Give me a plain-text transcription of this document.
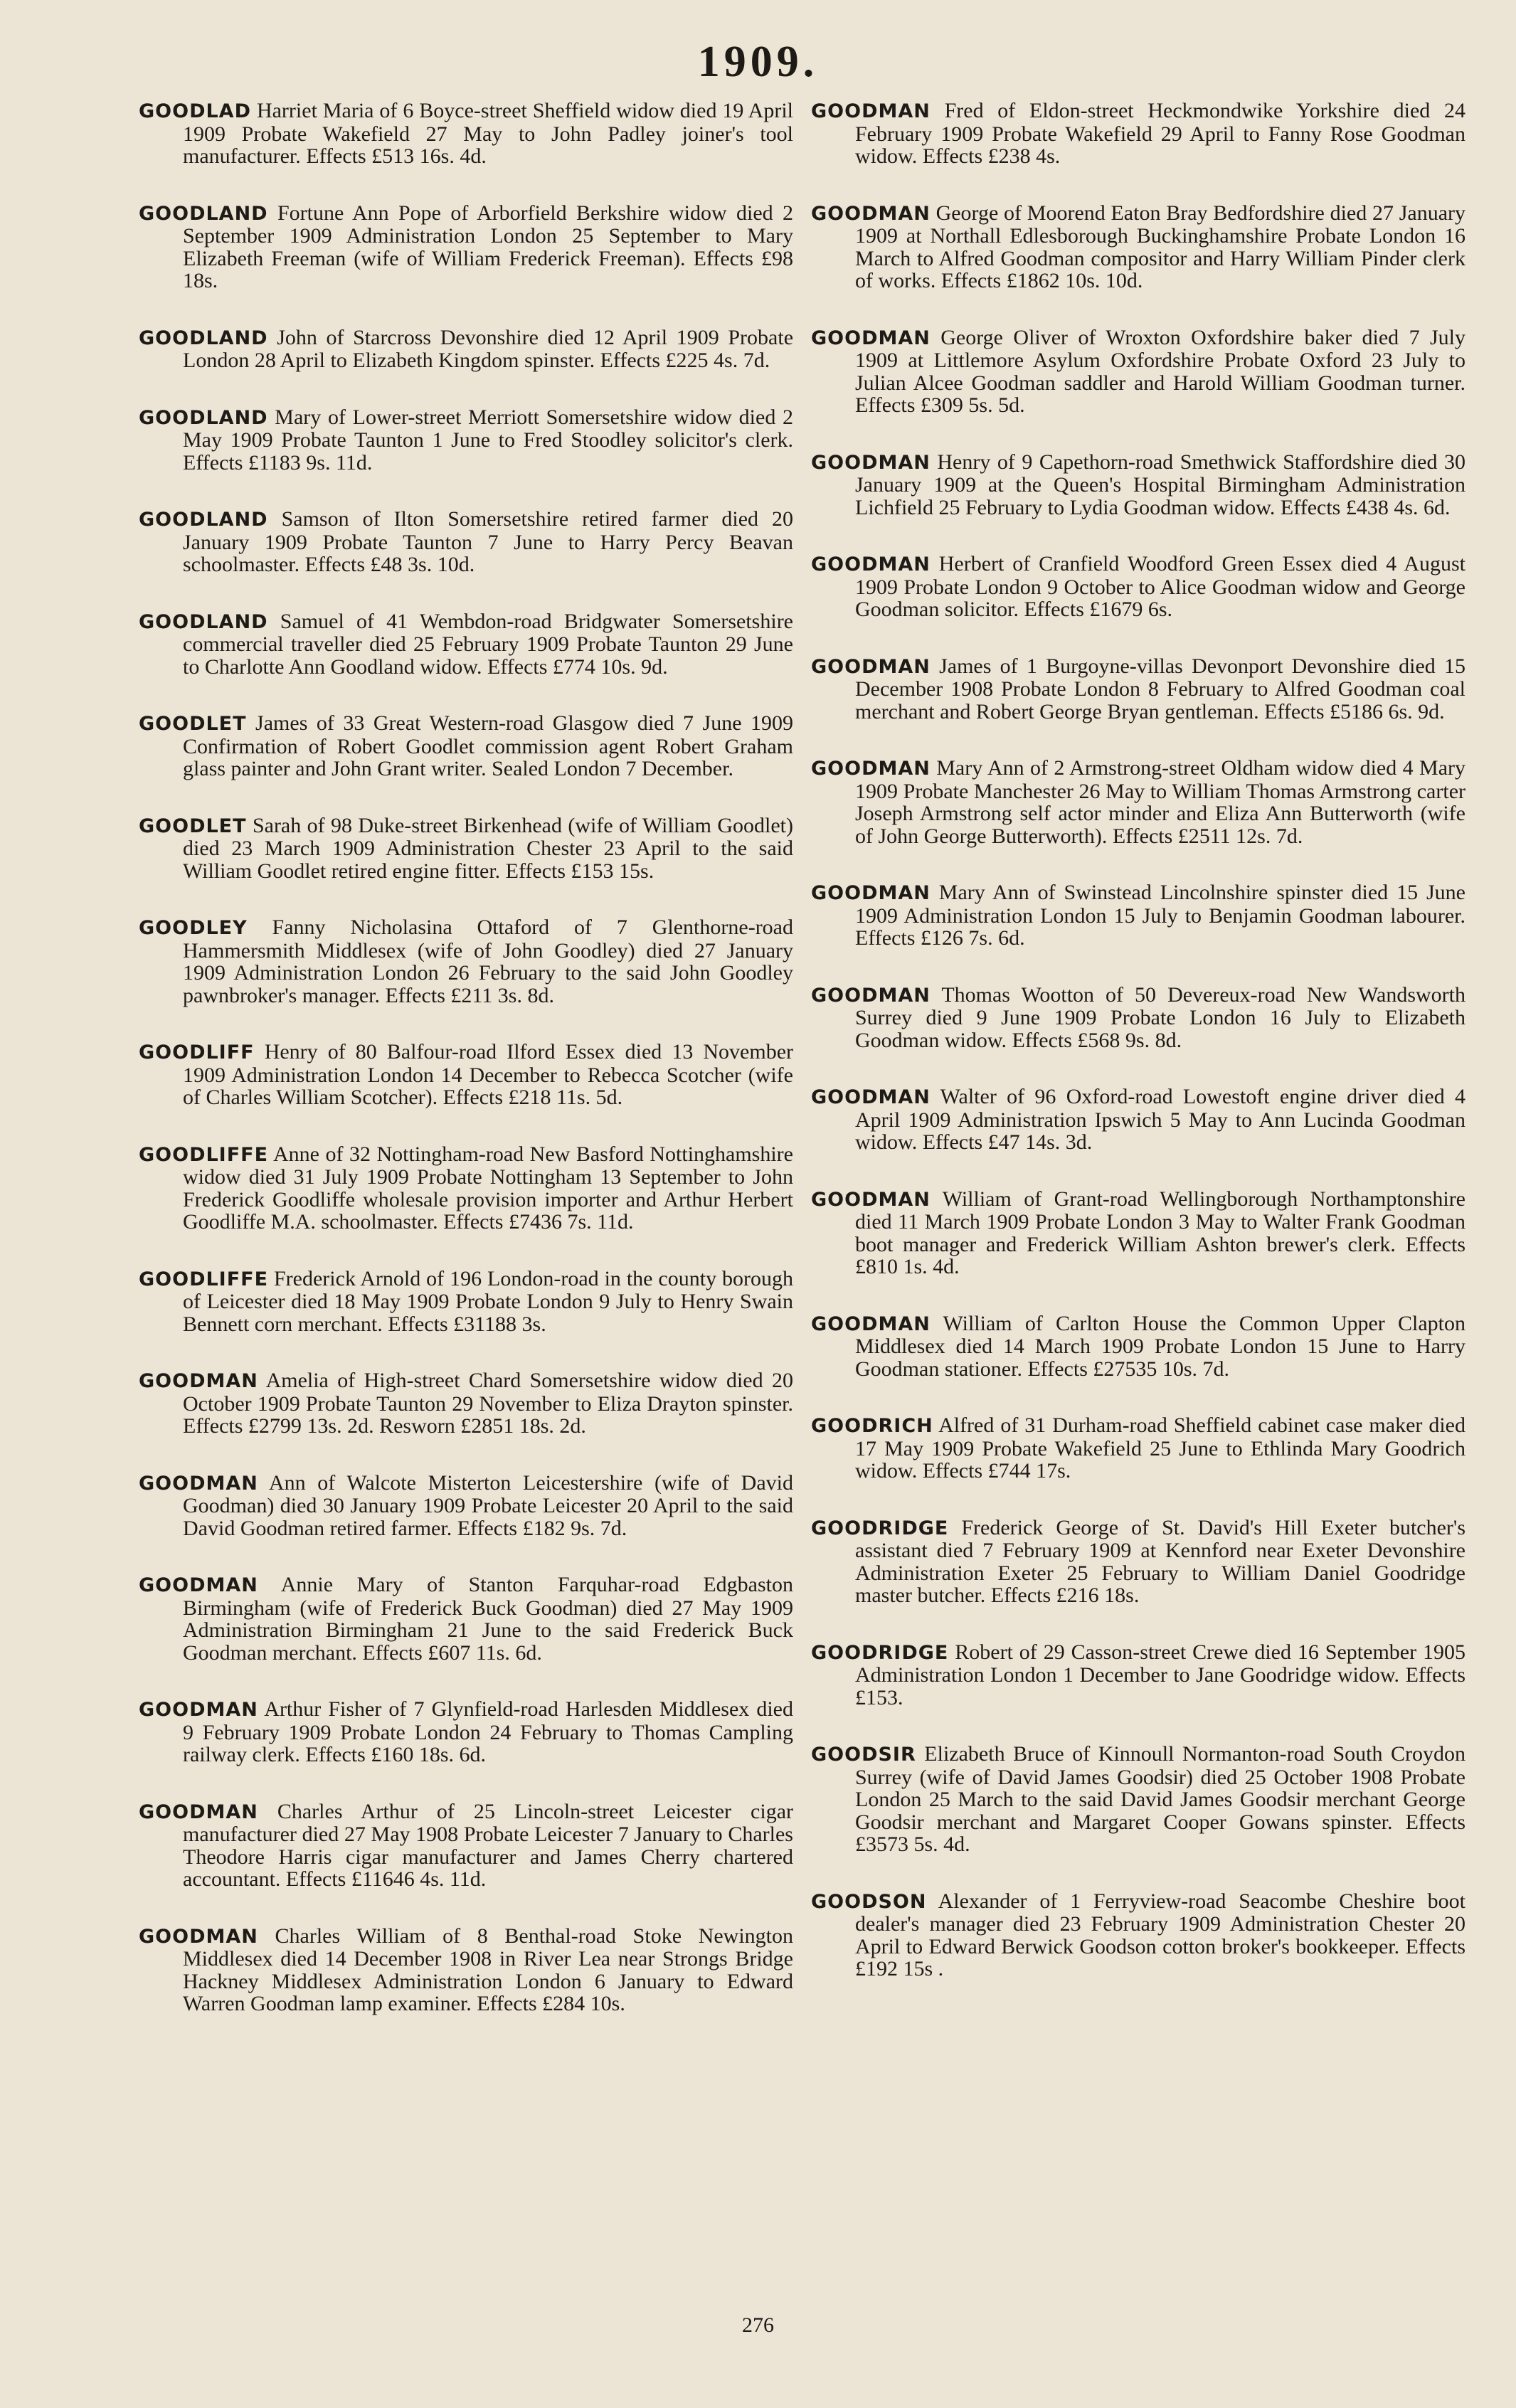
1909.

GOODLAD Harriet Maria of 6 Boyce-street Sheffield widow died 19 April 1909 Probate Wakefield 27 May to John Padley joiner's tool manufacturer. Effects £513 16s. 4d.

GOODLAND Fortune Ann Pope of Arborfield Berkshire widow died 2 September 1909 Administration London 25 September to Mary Elizabeth Freeman (wife of William Frederick Freeman). Effects £98 18s.

GOODLAND John of Starcross Devonshire died 12 April 1909 Probate London 28 April to Elizabeth Kingdom spinster. Effects £225 4s. 7d.

GOODLAND Mary of Lower-street Merriott Somersetshire widow died 2 May 1909 Probate Taunton 1 June to Fred Stoodley solicitor's clerk. Effects £1183 9s. 11d.

GOODLAND Samson of Ilton Somersetshire retired farmer died 20 January 1909 Probate Taunton 7 June to Harry Percy Beavan schoolmaster. Effects £48 3s. 10d.

GOODLAND Samuel of 41 Wembdon-road Bridgwater Somersetshire commercial traveller died 25 February 1909 Probate Taunton 29 June to Charlotte Ann Goodland widow. Effects £774 10s. 9d.

GOODLET James of 33 Great Western-road Glasgow died 7 June 1909 Confirmation of Robert Goodlet commission agent Robert Graham glass painter and John Grant writer. Sealed London 7 December.

GOODLET Sarah of 98 Duke-street Birkenhead (wife of William Goodlet) died 23 March 1909 Administration Chester 23 April to the said William Goodlet retired engine fitter. Effects £153 15s.

GOODLEY Fanny Nicholasina Ottaford of 7 Glenthorne-road Hammersmith Middlesex (wife of John Goodley) died 27 January 1909 Administration London 26 February to the said John Goodley pawnbroker's manager. Effects £211 3s. 8d.

GOODLIFF Henry of 80 Balfour-road Ilford Essex died 13 November 1909 Administration London 14 December to Rebecca Scotcher (wife of Charles William Scotcher). Effects £218 11s. 5d.

GOODLIFFE Anne of 32 Nottingham-road New Basford Nottinghamshire widow died 31 July 1909 Probate Nottingham 13 September to John Frederick Goodliffe wholesale provision importer and Arthur Herbert Goodliffe M.A. schoolmaster. Effects £7436 7s. 11d.

GOODLIFFE Frederick Arnold of 196 London-road in the county borough of Leicester died 18 May 1909 Probate London 9 July to Henry Swain Bennett corn merchant. Effects £31188 3s.

GOODMAN Amelia of High-street Chard Somersetshire widow died 20 October 1909 Probate Taunton 29 November to Eliza Drayton spinster. Effects £2799 13s. 2d. Resworn £2851 18s. 2d.

GOODMAN Ann of Walcote Misterton Leicestershire (wife of David Goodman) died 30 January 1909 Probate Leicester 20 April to the said David Goodman retired farmer. Effects £182 9s. 7d.

GOODMAN Annie Mary of Stanton Farquhar-road Edgbaston Birmingham (wife of Frederick Buck Goodman) died 27 May 1909 Administration Birmingham 21 June to the said Frederick Buck Goodman merchant. Effects £607 11s. 6d.

GOODMAN Arthur Fisher of 7 Glynfield-road Harlesden Middlesex died 9 February 1909 Probate London 24 February to Thomas Campling railway clerk. Effects £160 18s. 6d.

GOODMAN Charles Arthur of 25 Lincoln-street Leicester cigar manufacturer died 27 May 1908 Probate Leicester 7 January to Charles Theodore Harris cigar manufacturer and James Cherry chartered accountant. Effects £11646 4s. 11d.

GOODMAN Charles William of 8 Benthal-road Stoke Newington Middlesex died 14 December 1908 in River Lea near Strongs Bridge Hackney Middlesex Administration London 6 January to Edward Warren Goodman lamp examiner. Effects £284 10s.

GOODMAN Fred of Eldon-street Heckmondwike Yorkshire died 24 February 1909 Probate Wakefield 29 April to Fanny Rose Goodman widow. Effects £238 4s.

GOODMAN George of Moorend Eaton Bray Bedfordshire died 27 January 1909 at Northall Edlesborough Buckinghamshire Probate London 16 March to Alfred Goodman compositor and Harry William Pinder clerk of works. Effects £1862 10s. 10d.

GOODMAN George Oliver of Wroxton Oxfordshire baker died 7 July 1909 at Littlemore Asylum Oxfordshire Probate Oxford 23 July to Julian Alcee Goodman saddler and Harold William Goodman turner. Effects £309 5s. 5d.

GOODMAN Henry of 9 Capethorn-road Smethwick Staffordshire died 30 January 1909 at the Queen's Hospital Birmingham Administration Lichfield 25 February to Lydia Goodman widow. Effects £438 4s. 6d.

GOODMAN Herbert of Cranfield Woodford Green Essex died 4 August 1909 Probate London 9 October to Alice Goodman widow and George Goodman solicitor. Effects £1679 6s.

GOODMAN James of 1 Burgoyne-villas Devonport Devonshire died 15 December 1908 Probate London 8 February to Alfred Goodman coal merchant and Robert George Bryan gentleman. Effects £5186 6s. 9d.

GOODMAN Mary Ann of 2 Armstrong-street Oldham widow died 4 Mary 1909 Probate Manchester 26 May to William Thomas Armstrong carter Joseph Armstrong self actor minder and Eliza Ann Butterworth (wife of John George Butterworth). Effects £2511 12s. 7d.

GOODMAN Mary Ann of Swinstead Lincolnshire spinster died 15 June 1909 Administration London 15 July to Benjamin Goodman labourer. Effects £126 7s. 6d.

GOODMAN Thomas Wootton of 50 Devereux-road New Wandsworth Surrey died 9 June 1909 Probate London 16 July to Elizabeth Goodman widow. Effects £568 9s. 8d.

GOODMAN Walter of 96 Oxford-road Lowestoft engine driver died 4 April 1909 Administration Ipswich 5 May to Ann Lucinda Goodman widow. Effects £47 14s. 3d.

GOODMAN William of Grant-road Wellingborough Northamptonshire died 11 March 1909 Probate London 3 May to Walter Frank Goodman boot manager and Frederick William Ashton brewer's clerk. Effects £810 1s. 4d.

GOODMAN William of Carlton House the Common Upper Clapton Middlesex died 14 March 1909 Probate London 15 June to Harry Goodman stationer. Effects £27535 10s. 7d.

GOODRICH Alfred of 31 Durham-road Sheffield cabinet case maker died 17 May 1909 Probate Wakefield 25 June to Ethlinda Mary Goodrich widow. Effects £744 17s.

GOODRIDGE Frederick George of St. David's Hill Exeter butcher's assistant died 7 February 1909 at Kennford near Exeter Devonshire Administration Exeter 25 February to William Daniel Goodridge master butcher. Effects £216 18s.

GOODRIDGE Robert of 29 Casson-street Crewe died 16 September 1905 Administration London 1 December to Jane Goodridge widow. Effects £153.

GOODSIR Elizabeth Bruce of Kinnoull Normanton-road South Croydon Surrey (wife of David James Goodsir) died 25 October 1908 Probate London 25 March to the said David James Goodsir merchant George Goodsir merchant and Margaret Cooper Gowans spinster. Effects £3573 5s. 4d.

GOODSON Alexander of 1 Ferryview-road Seacombe Cheshire boot dealer's manager died 23 February 1909 Administration Chester 20 April to Edward Berwick Goodson cotton broker's bookkeeper. Effects £192 15s .

276
